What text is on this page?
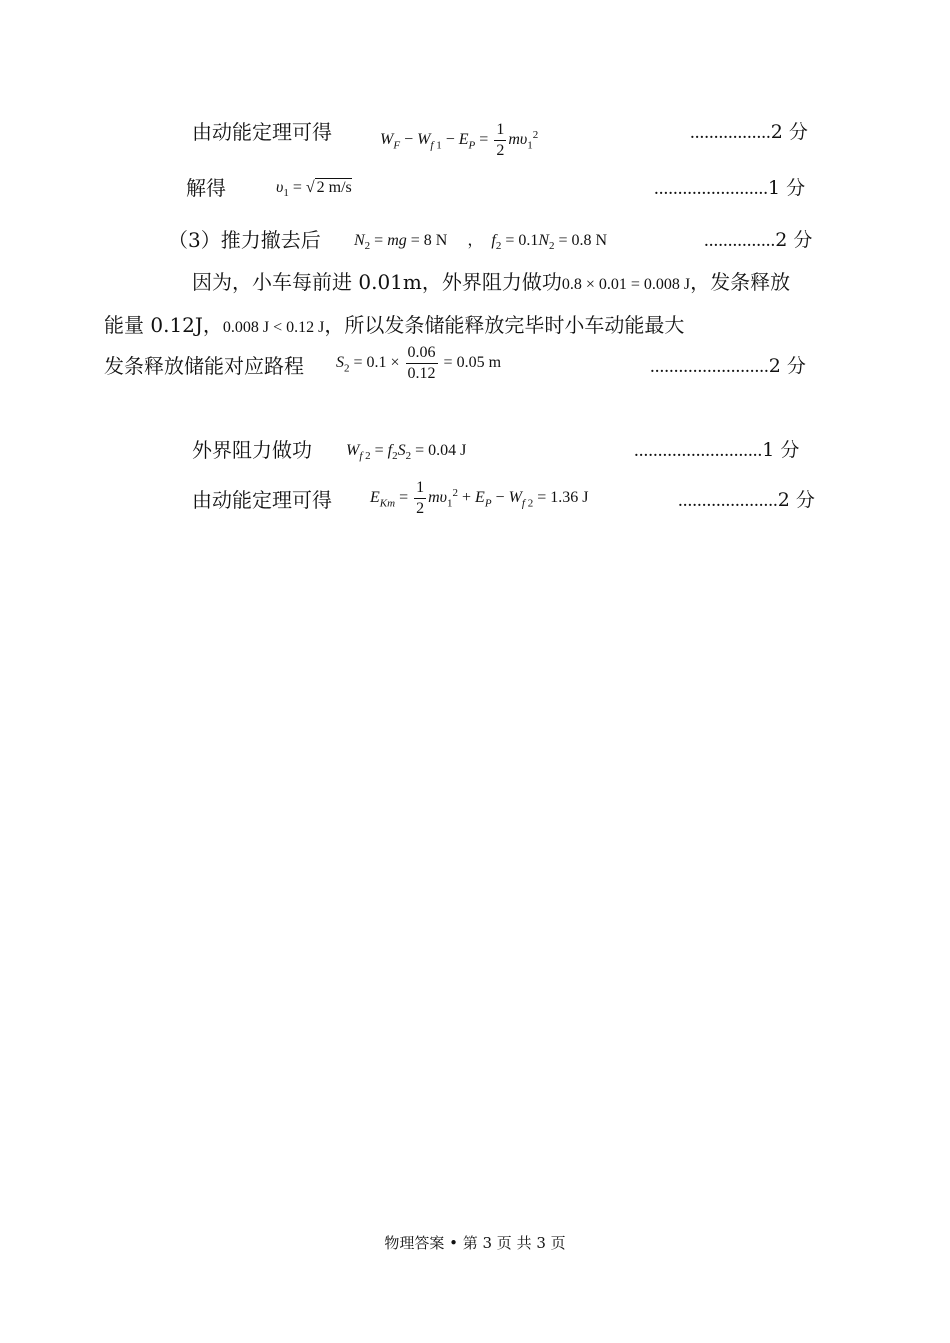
由动能定理可得	$W_F - W_{f 1} - E_P = \frac{1}{2} m\upsilon_1^2$	.................2 分
解得	$\upsilon_1$ = √ 2 m/s	........................1 分
（3）推力撤去后 $N_2$ = mg = 8 N     ，  $f_2 = 0.1N_2 = 0.8$ N	...............2 分
因为，小车每前进 0.01m，外界阻力做功0.8 × 0.01 = 0.008 J，发条释放
能量 0.12J，0.008 J < 0.12 J，所以发条储能释放完毕时小车动能最大
发条释放储能对应路程 $S_2 = 0.1 \times \frac{0.06}{0.12} = 0.05$ m	.........................2 分
外界阻力做功 $W_{f 2} = f_2S_2 = 0.04$ J	...........................1 分
由动能定理可得 $E_{Km} = \frac{1}{2} m\upsilon_1^2 + E_P - W_{f 2} = 1.36$ J	.....................2 分
物理答案 • 第 3 页 共 3 页
